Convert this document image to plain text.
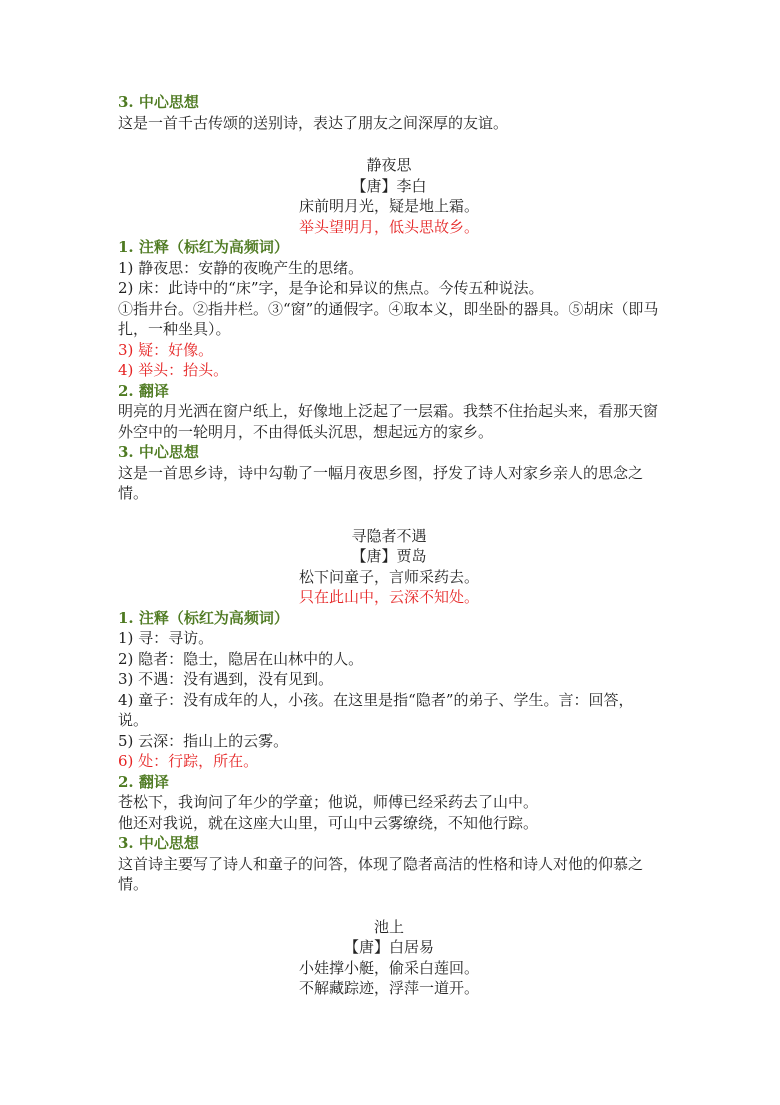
3. 中心思想
这是一首千古传颂的送别诗，表达了朋友之间深厚的友谊。
静夜思
【唐】李白
床前明月光，疑是地上霜。
举头望明月，低头思故乡。
1. 注释（标红为高频词）
1) 静夜思：安静的夜晚产生的思绪。
2) 床：此诗中的“床”字，是争论和异议的焦点。今传五种说法。
①指井台。②指井栏。③“窗”的通假字。④取本义，即坐卧的器具。⑤胡床（即马扎，一种坐具）。
3) 疑：好像。
4) 举头：抬头。
2. 翻译
明亮的月光洒在窗户纸上，好像地上泛起了一层霜。我禁不住抬起头来，看那天窗外空中的一轮明月，不由得低头沉思，想起远方的家乡。
3. 中心思想
这是一首思乡诗，诗中勾勒了一幅月夜思乡图，抒发了诗人对家乡亲人的思念之情。
寻隐者不遇
【唐】贾岛
松下问童子，言师采药去。
只在此山中，云深不知处。
1. 注释（标红为高频词）
1) 寻：寻访。
2) 隐者：隐士，隐居在山林中的人。
3) 不遇：没有遇到，没有见到。
4) 童子：没有成年的人，小孩。在这里是指“隐者”的弟子、学生。言：回答，说。
5) 云深：指山上的云雾。
6) 处：行踪，所在。
2. 翻译
苍松下，我询问了年少的学童；他说，师傅已经采药去了山中。
他还对我说，就在这座大山里，可山中云雾缭绕，不知他行踪。
3. 中心思想
这首诗主要写了诗人和童子的问答，体现了隐者高洁的性格和诗人对他的仰慕之情。
池上
【唐】白居易
小娃撑小艇，偷采白莲回。
不解藏踪迹，浮萍一道开。
